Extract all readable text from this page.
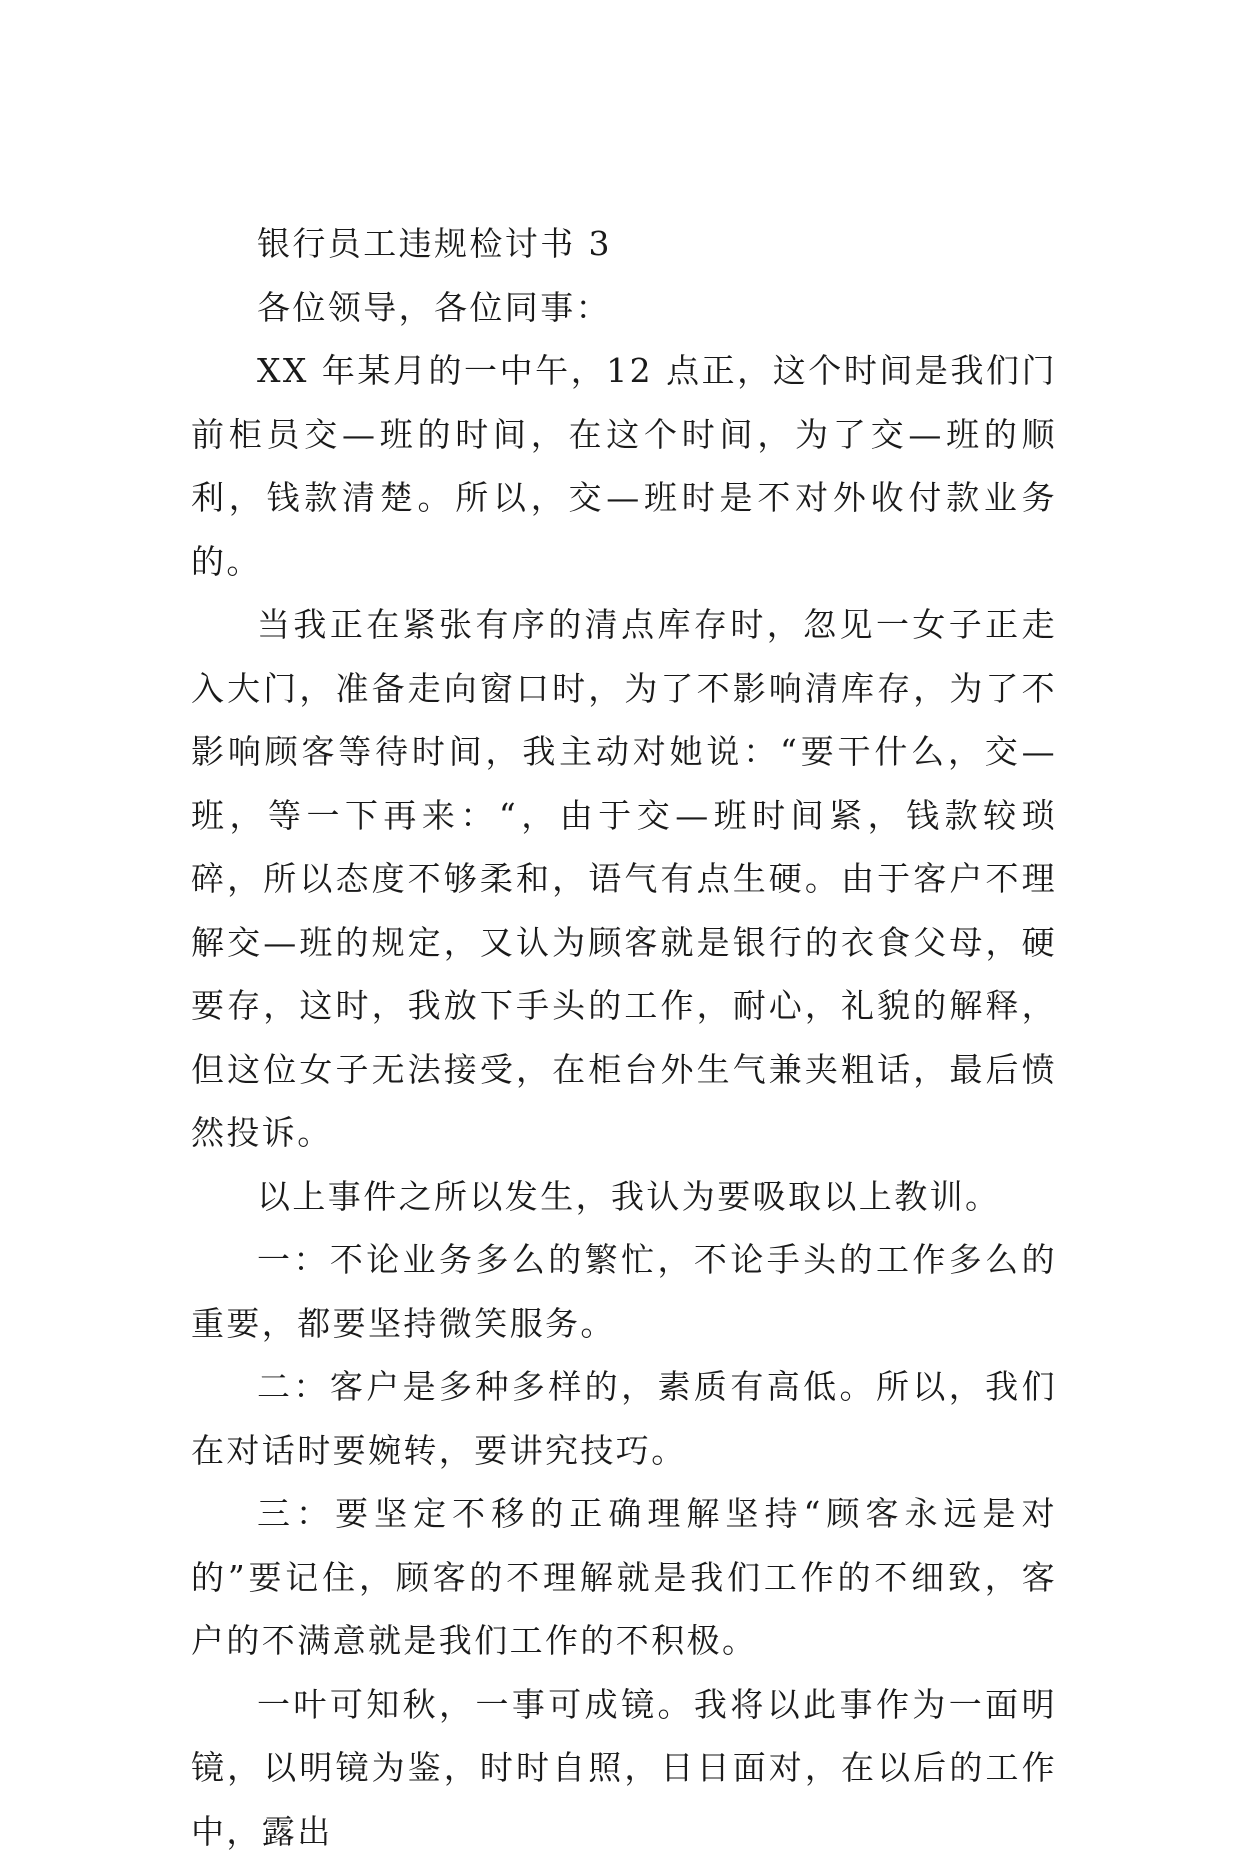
银行员工违规检讨书 3

各位领导，各位同事：

XX 年某月的一中午，12 点正，这个时间是我们门前柜员交—班的时间，在这个时间，为了交—班的顺利，钱款清楚。所以，交—班时是不对外收付款业务的。

当我正在紧张有序的清点库存时，忽见一女子正走入大门，准备走向窗口时，为了不影响清库存，为了不影响顾客等待时间，我主动对她说：“要干什么，交—班，等一下再来：“，由于交—班时间紧，钱款较琐碎，所以态度不够柔和，语气有点生硬。由于客户不理解交—班的规定，又认为顾客就是银行的衣食父母，硬要存，这时，我放下手头的工作，耐心，礼貌的解释，但这位女子无法接受，在柜台外生气兼夹粗话，最后愤然投诉。

以上事件之所以发生，我认为要吸取以上教训。

一：不论业务多么的繁忙，不论手头的工作多么的重要，都要坚持微笑服务。

二：客户是多种多样的，素质有高低。所以，我们在对话时要婉转，要讲究技巧。

三：要坚定不移的正确理解坚持“顾客永远是对的”要记住，顾客的不理解就是我们工作的不细致，客户的不满意就是我们工作的不积极。

一叶可知秋，一事可成镜。我将以此事作为一面明镜，以明镜为鉴，时时自照，日日面对，在以后的工作中，露出
